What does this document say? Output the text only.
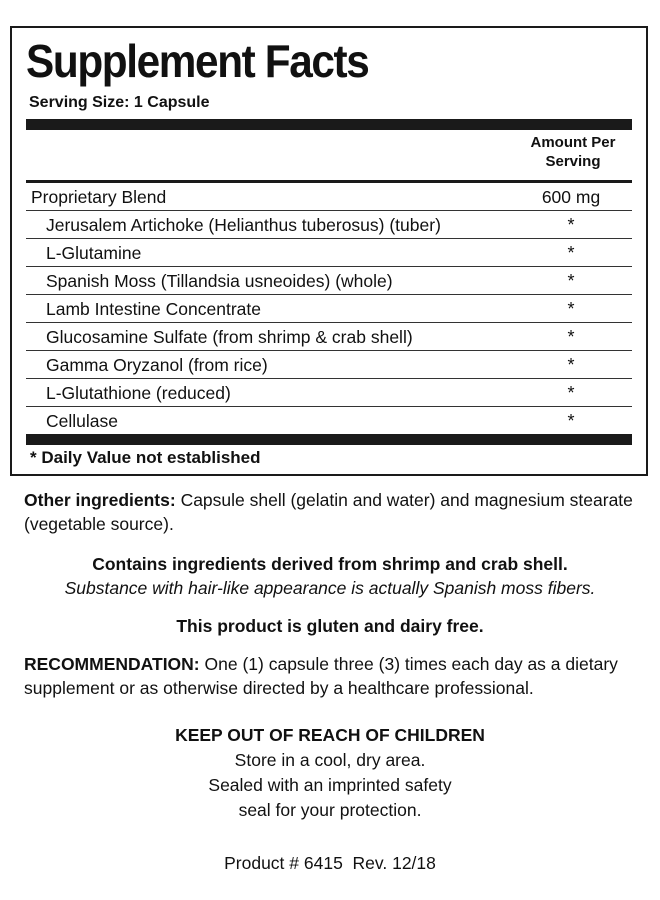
Supplement Facts
Serving Size: 1 Capsule
Amount Per
Serving
Proprietary Blend	600 mg
Jerusalem Artichoke (Helianthus tuberosus) (tuber)	*
L-Glutamine	*
Spanish Moss (Tillandsia usneoides) (whole)	*
Lamb Intestine Concentrate	*
Glucosamine Sulfate (from shrimp & crab shell)	*
Gamma Oryzanol (from rice)	*
L-Glutathione (reduced)	*
Cellulase	*
* Daily Value not established
Other ingredients: Capsule shell (gelatin and water) and magnesium stearate (vegetable source).
Contains ingredients derived from shrimp and crab shell.
Substance with hair-like appearance is actually Spanish moss fibers.
This product is gluten and dairy free.
RECOMMENDATION: One (1) capsule three (3) times each day as a dietary supplement or as otherwise directed by a healthcare professional.
KEEP OUT OF REACH OF CHILDREN
Store in a cool, dry area.
Sealed with an imprinted safety
seal for your protection.
Product # 6415 Rev. 12/18
